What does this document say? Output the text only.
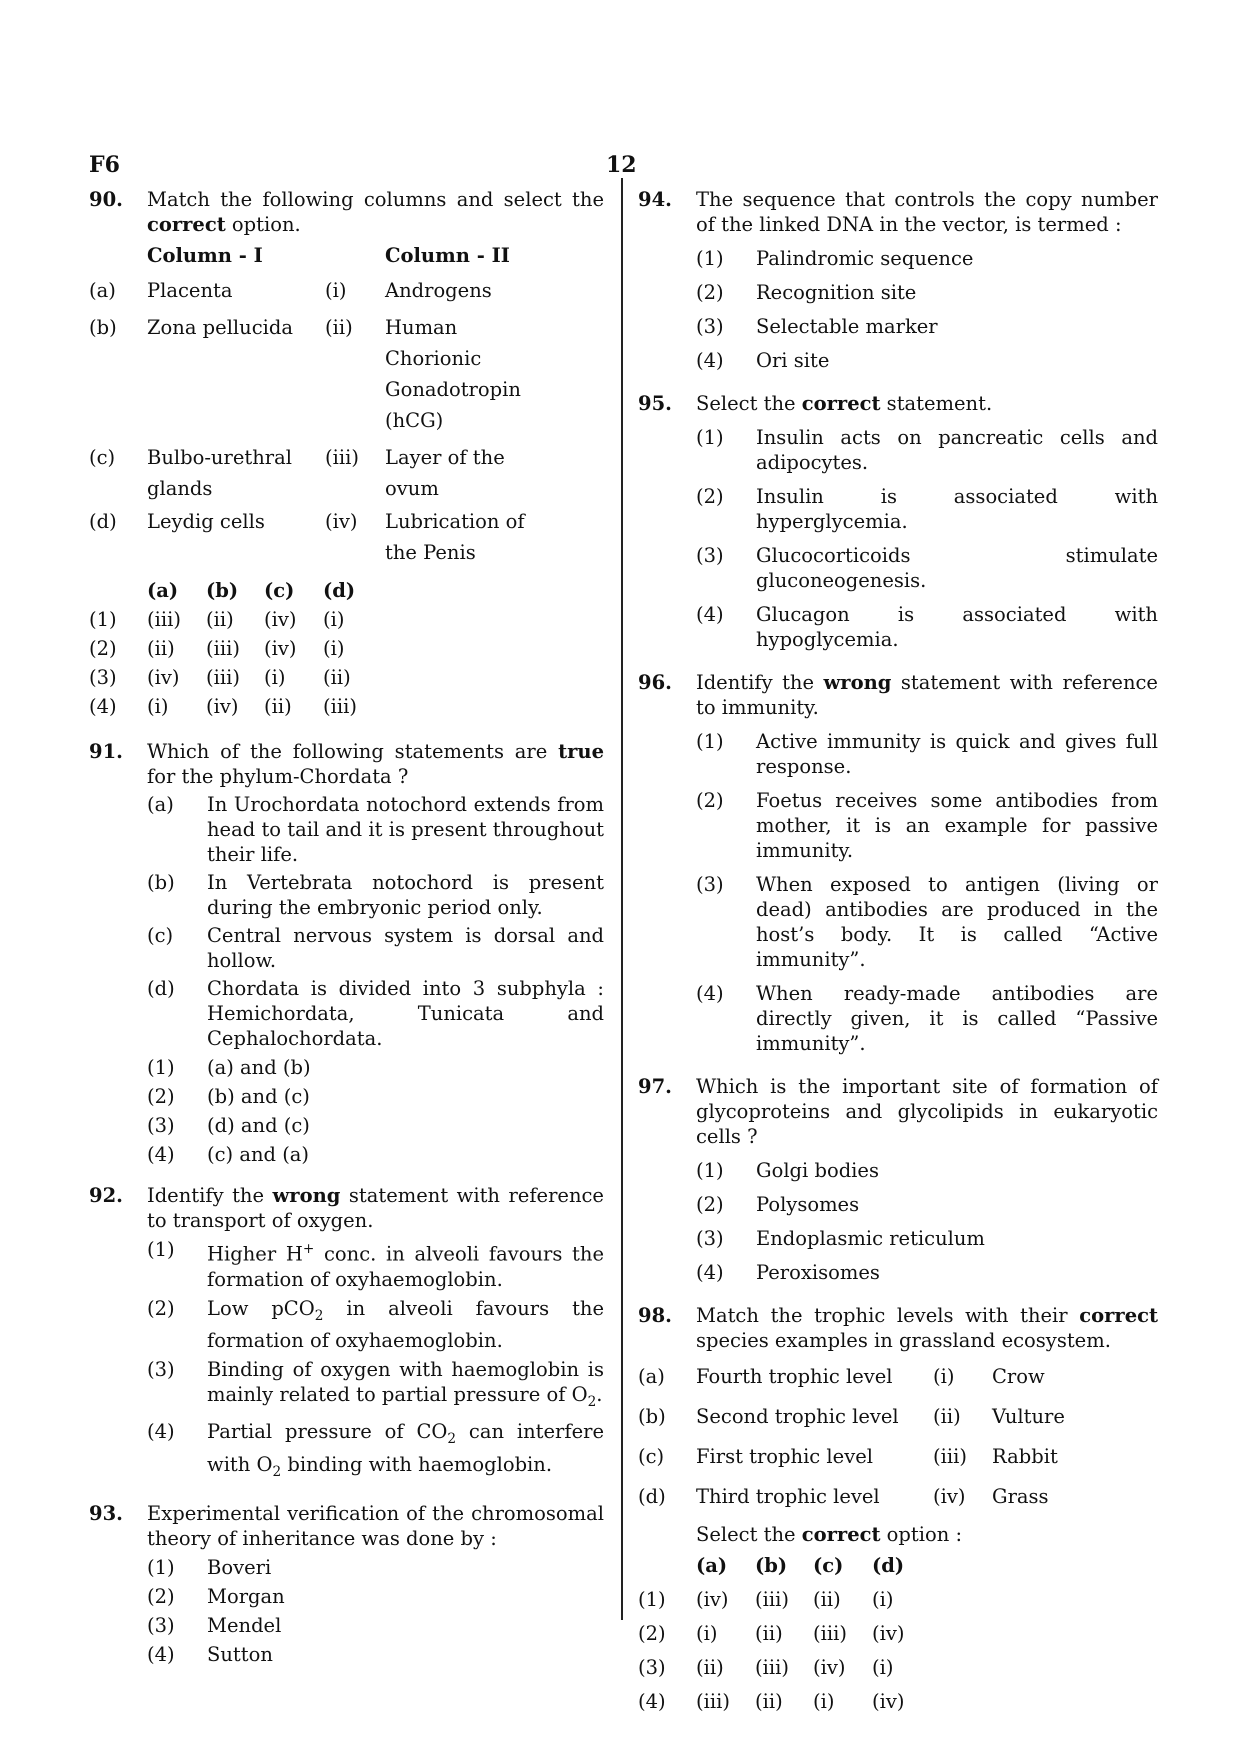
F6	12
90. Match the following columns and select the correct option.
	Column - I		Column - II
(a)	Placenta	(i)	Androgens
(b)	Zona pellucida	(ii)	Human Chorionic Gonadotropin (hCG)
(c)	Bulbo-urethral glands	(iii)	Layer of the ovum
(d)	Leydig cells	(iv)	Lubrication of the Penis
	(a)	(b)	(c)	(d)
(1)	(iii)	(ii)	(iv)	(i)
(2)	(ii)	(iii)	(iv)	(i)
(3)	(iv)	(iii)	(i)	(ii)
(4)	(i)	(iv)	(ii)	(iii)
91. Which of the following statements are true for the phylum-Chordata ?
(a) In Urochordata notochord extends from head to tail and it is present throughout their life.
(b) In Vertebrata notochord is present during the embryonic period only.
(c) Central nervous system is dorsal and hollow.
(d) Chordata is divided into 3 subphyla : Hemichordata, Tunicata and Cephalochordata.
(1) (a) and (b)
(2) (b) and (c)
(3) (d) and (c)
(4) (c) and (a)
92. Identify the wrong statement with reference to transport of oxygen.
(1) Higher H+ conc. in alveoli favours the formation of oxyhaemoglobin.
(2) Low pCO$_2$ in alveoli favours the formation of oxyhaemoglobin.
(3) Binding of oxygen with haemoglobin is mainly related to partial pressure of $O_2$.
(4) Partial pressure of $CO_2$ can interfere with $O_2$ binding with haemoglobin.
93. Experimental verification of the chromosomal theory of inheritance was done by :
(1) Boveri
(2) Morgan
(3) Mendel
(4) Sutton
94. The sequence that controls the copy number of the linked DNA in the vector, is termed :
(1) Palindromic sequence
(2) Recognition site
(3) Selectable marker
(4) Ori site
95. Select the correct statement.
(1) Insulin acts on pancreatic cells and adipocytes.
(2) Insulin is associated with hyperglycemia.
(3) Glucocorticoids stimulate gluconeogenesis.
(4) Glucagon is associated with hypoglycemia.
96. Identify the wrong statement with reference to immunity.
(1) Active immunity is quick and gives full response.
(2) Foetus receives some antibodies from mother, it is an example for passive immunity.
(3) When exposed to antigen (living or dead) antibodies are produced in the host’s body. It is called “Active immunity”.
(4) When ready-made antibodies are directly given, it is called “Passive immunity”.
97. Which is the important site of formation of glycoproteins and glycolipids in eukaryotic cells ?
(1) Golgi bodies
(2) Polysomes
(3) Endoplasmic reticulum
(4) Peroxisomes
98. Match the trophic levels with their correct species examples in grassland ecosystem.
(a)	Fourth trophic level	(i)	Crow
(b)	Second trophic level	(ii)	Vulture
(c)	First trophic level	(iii)	Rabbit
(d)	Third trophic level	(iv)	Grass
Select the correct option :
	(a)	(b)	(c)	(d)
(1)	(iv)	(iii)	(ii)	(i)
(2)	(i)	(ii)	(iii)	(iv)
(3)	(ii)	(iii)	(iv)	(i)
(4)	(iii)	(ii)	(i)	(iv)
